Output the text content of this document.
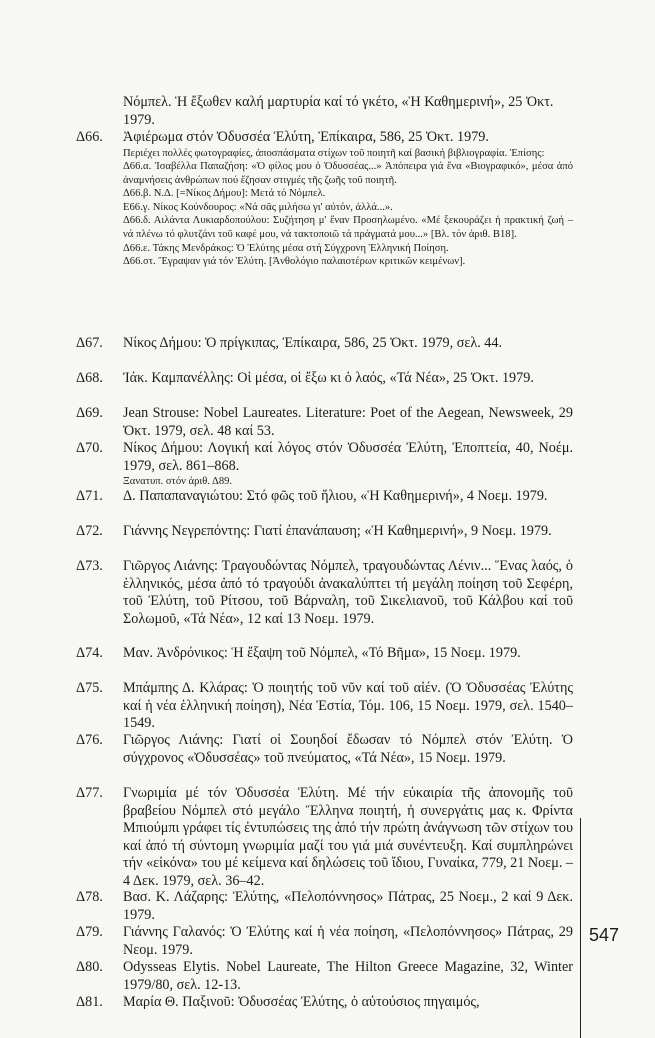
Νόμπελ. Ἡ ἔξωθεν καλή μαρτυρία καί τό γκέτο, «Ἡ Καθημερινή», 25 Ὀκτ. 1979.
Δ66. Ἀφιέρωμα στόν Ὀδυσσέα Ἐλύτη, Ἐπίκαιρα, 586, 25 Ὀκτ. 1979.
Περιέχει πολλές φωτογραφίες, ἀποσπάσματα στίχων τοῦ ποιητῆ καί βασική βιβλιογραφία. Ἐπίσης:
Δ66.α. Ἰσαβέλλα Παπαζήση: «Ὁ φίλος μου ὁ Ὀδυσσέας...» Ἀπόπειρα γιά ἕνα «Βιογραφικό», μέσα ἀπό ἀναμνήσεις ἀνθρώπων πού ἔζησαν στιγμές τῆς ζωῆς τοῦ ποιητῆ.
Δ66.β. Ν.Δ. [=Νίκος Δήμου]: Μετά τό Νόμπελ.
Ε66.γ. Νίκος Κούνδουρος: «Νά σᾶς μιλήσω γι' αὐτόν, ἀλλά...».
Δ66.δ. Αιλάντα Λυκιαρδοπούλου: Συζήτηση μ' ἕναν Προσηλωμένο. «Μέ ξεκουράζει ἡ πρακτική ζωή – νά πλένω τό φλυτζάνι τοῦ καφέ μου, νά τακτοποιῶ τά πράγματά μου...» [Βλ. τόν ἀριθ. Β18].
Δ66.ε. Τάκης Μενδράκος: Ὁ Ἐλύτης μέσα στή Σύγχρονη Ἑλληνική Ποίηση.
Δ66.στ. Ἔγραψαν γιά τόν Ἐλύτη. [Ἀνθολόγιο παλαιοτέρων κριτικῶν κειμένων].
Δ67. Νίκος Δήμου: Ὁ πρίγκιπας, Ἐπίκαιρα, 586, 25 Ὀκτ. 1979, σελ. 44.
Δ68. Ἰάκ. Καμπανέλλης: Οἱ μέσα, οἱ ἔξω κι ὁ λαός, «Τά Νέα», 25 Ὀκτ. 1979.
Δ69. Jean Strouse: Nobel Laureates. Literature: Poet of the Aegean, Newsweek, 29 Ὀκτ. 1979, σελ. 48 καί 53.
Δ70. Νίκος Δήμου: Λογική καί λόγος στόν Ὀδυσσέα Ἐλύτη, Ἐποπτεία, 40, Νοέμ. 1979, σελ. 861–868.
Ξανατυπ. στόν ἀριθ. Δ89.
Δ71. Δ. Παπαπαναγιώτου: Στό φῶς τοῦ ἥλιου, «Ἡ Καθημερινή», 4 Νοεμ. 1979.
Δ72. Γιάννης Νεγρεπόντης: Γιατί ἐπανάπαυση; «Ἡ Καθημερινή», 9 Νοεμ. 1979.
Δ73. Γιῶργος Λιάνης: Τραγουδώντας Νόμπελ, τραγουδώντας Λένιν... Ἕνας λαός, ὁ ἑλληνικός, μέσα ἀπό τό τραγούδι ἀνακαλύπτει τή μεγάλη ποίηση τοῦ Σεφέρη, τοῦ Ἐλύτη, τοῦ Ρίτσου, τοῦ Βάρναλη, τοῦ Σικελιανοῦ, τοῦ Κάλβου καί τοῦ Σολωμοῦ, «Τά Νέα», 12 καί 13 Νοεμ. 1979.
Δ74. Μαν. Ἀνδρόνικος: Ἡ ἔξαψη τοῦ Νόμπελ, «Τό Βῆμα», 15 Νοεμ. 1979.
Δ75. Μπάμπης Δ. Κλάρας: Ὁ ποιητής τοῦ νῦν καί τοῦ αἰέν. (Ὁ Ὀδυσσέας Ἐλύτης καί ἡ νέα ἑλληνική ποίηση), Νέα Ἑστία, Τόμ. 106, 15 Νοεμ. 1979, σελ. 1540–1549.
Δ76. Γιῶργος Λιάνης: Γιατί οἱ Σουηδοί ἔδωσαν τό Νόμπελ στόν Ἐλύτη. Ὁ σύγχρονος «Ὀδυσσέας» τοῦ πνεύματος, «Τά Νέα», 15 Νοεμ. 1979.
Δ77. Γνωριμία μέ τόν Ὀδυσσέα Ἐλύτη. Μέ τήν εὐκαιρία τῆς ἀπονομῆς τοῦ βραβείου Νόμπελ στό μεγάλο Ἕλληνα ποιητή, ἡ συνεργάτις μας κ. Φρίντα Μπιούμπι γράφει τίς ἐντυπώσεις της ἀπό τήν πρώτη ἀνάγνωση τῶν στίχων του καί ἀπό τή σύντομη γνωριμία μαζί του γιά μιά συνέντευξη. Καί συμπληρώνει τήν «εἰκόνα» του μέ κείμενα καί δηλώσεις τοῦ ἴδιου, Γυναίκα, 779, 21 Νοεμ. – 4 Δεκ. 1979, σελ. 36–42.
Δ78. Βασ. Κ. Λάζαρης: Ἐλύτης, «Πελοπόννησος» Πάτρας, 25 Νοεμ., 2 καί 9 Δεκ. 1979.
Δ79. Γιάννης Γαλανός: Ὁ Ἐλύτης καί ἡ νέα ποίηση, «Πελοπόννησος» Πάτρας, 29 Νεομ. 1979.
Δ80. Odysseas Elytis. Nobel Laureate, The Hilton Greece Magazine, 32, Winter 1979/80, σελ. 12-13.
Δ81. Μαρία Θ. Παξινοῦ: Ὀδυσσέας Ἐλύτης, ὁ αὐτούσιος πηγαιμός,
547
